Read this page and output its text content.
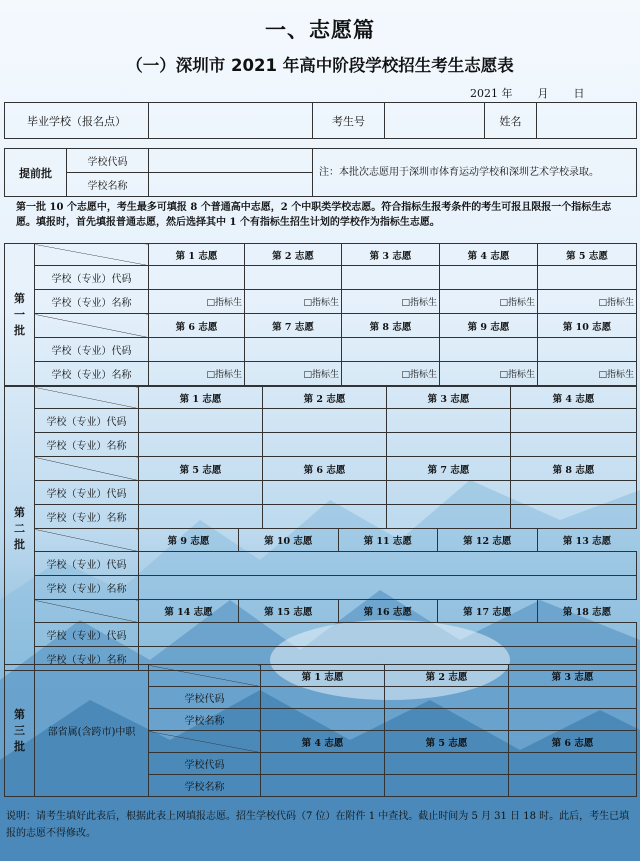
一、志愿篇
（一）深圳市 2021 年高中阶段学校招生考生志愿表
2021 年 月 日
毕业学校（报名点）		考生号		姓名	
提前批	学校代码		注：本批次志愿用于深圳市体育运动学校和深圳艺术学校录取。
	学校名称		
第一批 10 个志愿中，考生最多可填报 8 个普通高中志愿，2 个中职类学校志愿。符合指标生报考条件的考生可报且限报一个指标生志愿。填报时，首先填报普通志愿，然后选择其中 1 个有指标生招生计划的学校作为指标生志愿。
第一批		第 1 志愿	第 2 志愿	第 3 志愿	第 4 志愿	第 5 志愿
	学校（专业）代码					
	学校（专业）名称	□指标生	□指标生	□指标生	□指标生	□指标生
		第 6 志愿	第 7 志愿	第 8 志愿	第 9 志愿	第 10 志愿
	学校（专业）代码					
	学校（专业）名称	□指标生	□指标生	□指标生	□指标生	□指标生
第二批		第 1 志愿	第 2 志愿	第 3 志愿	第 4 志愿
学校（专业）代码				
学校（专业）名称				
	第 5 志愿	第 6 志愿	第 7 志愿	第 8 志愿
学校（专业）代码				
学校（专业）名称				

第 9 志愿	第 10 志愿	第 11 志愿	第 12 志愿	第 13 志愿

学校（专业）代码	
学校（专业）名称	

第 14 志愿	第 15 志愿	第 16 志愿	第 17 志愿	第 18 志愿

学校（专业）代码	
学校（专业）名称	
第三批	部省属(含跨市)中职		第 1 志愿	第 2 志愿	第 3 志愿
		学校代码			
		学校名称			
			第 4 志愿	第 5 志愿	第 6 志愿
		学校代码			
		学校名称			
说明：请考生填好此表后，根据此表上网填报志愿。招生学校代码（7 位）在附件 1 中查找。截止时间为 5 月 31 日 18 时。此后，考生已填报的志愿不得修改。
